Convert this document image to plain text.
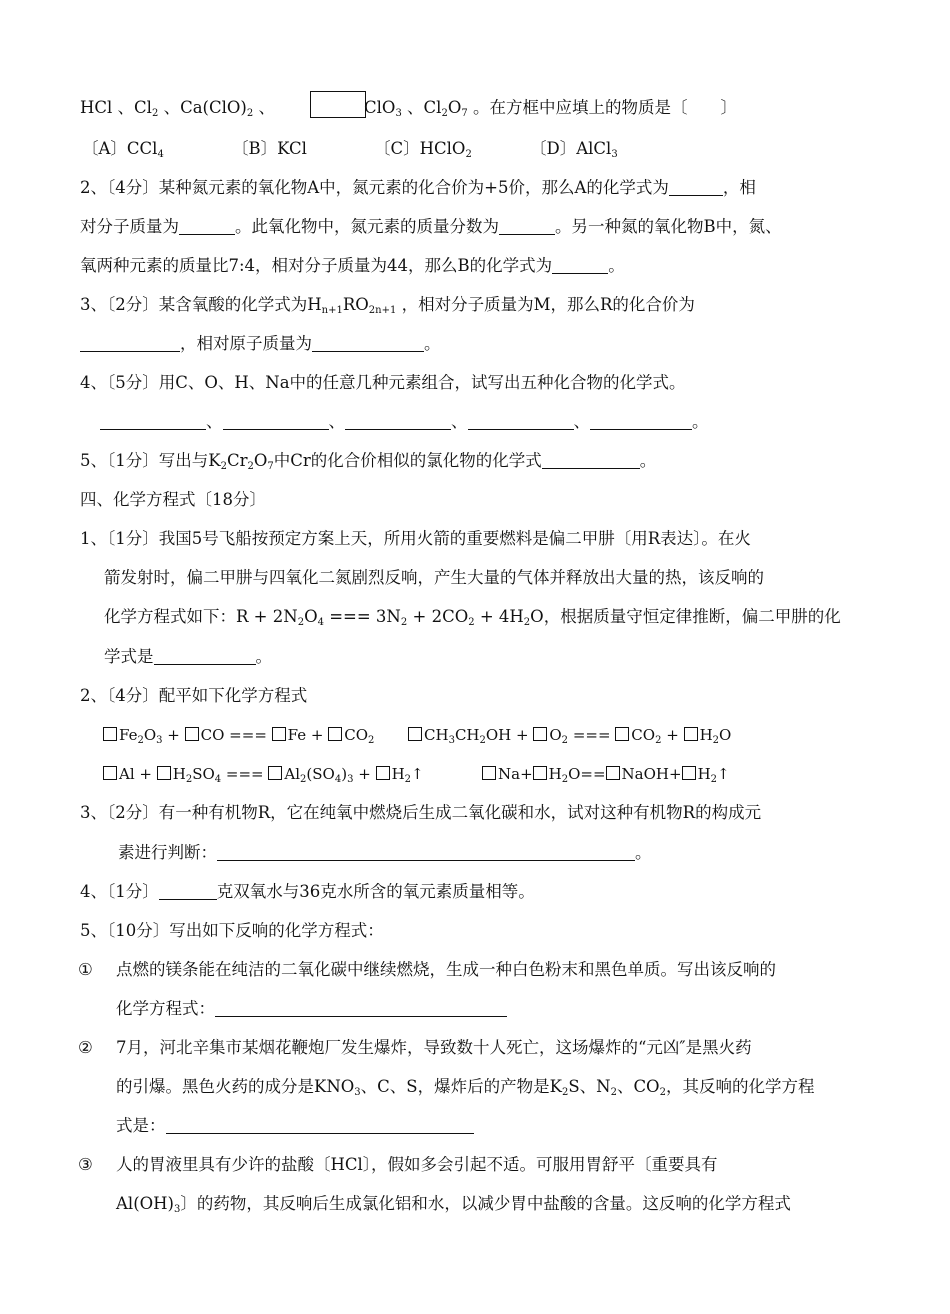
HCl 、$Cl_2$ 、$Ca(ClO)_2$ 、	ClO$_3$ 、$Cl_2O_7$ 。在方框中应填上的物质是〔　　〕
〔A〕CCl$_4$	〔B〕KCl	〔C〕HClO$_2$	〔D〕AlCl$_3$
2、〔4分〕某种氮元素的氧化物A中，氮元素的化合价为+5价，那么A的化学式为	，相
对分子质量为	。此氧化物中，氮元素的质量分数为	。另一种氮的氧化物B中，氮、
氧两种元素的质量比7:4，相对分子质量为44，那么B的化学式为	。
3、〔2分〕某含氧酸的化学式为$H_{n+1}RO_{2n+1}$ ，相对分子质量为M，那么R的化合价为
，相对原子质量为	。
4、〔5分〕用C、O、H、Na中的任意几种元素组合，试写出五种化合物的化学式。
、	、	、	、	。
5、〔1分〕写出与$K_2Cr_2O_7$中Cr的化合价相似的氯化物的化学式	。
四、化学方程式〔18分〕
1、〔1分〕我国5号飞船按预定方案上天，所用火箭的重要燃料是偏二甲肼〔用R表达〕。在火
箭发射时，偏二甲肼与四氧化二氮剧烈反响，产生大量的气体并释放出大量的热，该反响的
化学方程式如下：$R + 2N_2O_4$ === $3N_2 + 2CO_2 + 4H_2O$，根据质量守恒定律推断，偏二甲肼的化
学式是	。
2、〔4分〕配平如下化学方程式
$Fe_2O_3$ + CO === $Fe + CO_2$	$CH_3CH_2OH + O_2$ === $CO_2 + H_2O$
$Al + H_2SO_4$ === $Al_2(SO_4)_3$ + $H_2↑$	$Na+ H_2O==$ NaOH+ $H_2↑$
3、〔2分〕有一种有机物R，它在纯氧中燃烧后生成二氧化碳和水，试对这种有机物R的构成元
素进行判断：	。
4、〔1分〕	克双氧水与36克水所含的氧元素质量相等。
5、〔10分〕写出如下反响的化学方程式：
① 点燃的镁条能在纯洁的二氧化碳中继续燃烧，生成一种白色粉末和黑色单质。写出该反响的
化学方程式：
② 7月，河北辛集市某烟花鞭炮厂发生爆炸，导致数十人死亡，这场爆炸的“元凶″是黑火药
的引爆。黑色火药的成分是$KNO_3$、C、S，爆炸后的产物是$K_2S$、$N_2$、$CO_2$，其反响的化学方程
式是：
③ 人的胃液里具有少许的盐酸〔HCl〕，假如多会引起不适。可服用胃舒平〔重要具有
$Al(OH)_3$〕的药物，其反响后生成氯化铝和水，以减少胃中盐酸的含量。这反响的化学方程式
